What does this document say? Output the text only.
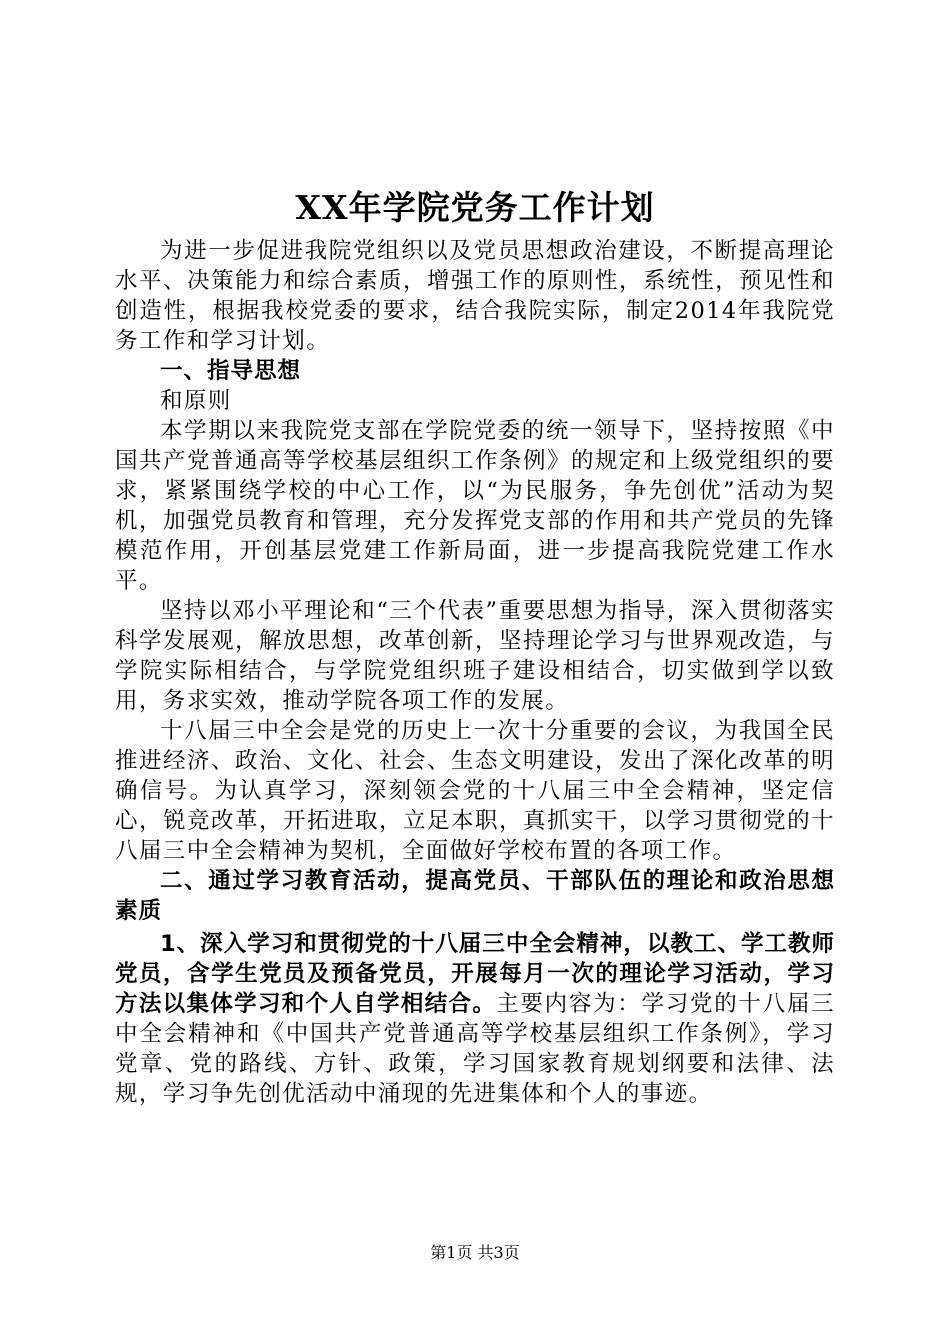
XX年学院党务工作计划

为进一步促进我院党组织以及党员思想政治建设，不断提高理论水平、决策能力和综合素质，增强工作的原则性，系统性，预见性和创造性，根据我校党委的要求，结合我院实际，制定2014年我院党务工作和学习计划。

一、指导思想

和原则

本学期以来我院党支部在学院党委的统一领导下，坚持按照《中国共产党普通高等学校基层组织工作条例》的规定和上级党组织的要求，紧紧围绕学校的中心工作，以“为民服务，争先创优”活动为契机，加强党员教育和管理，充分发挥党支部的作用和共产党员的先锋模范作用，开创基层党建工作新局面，进一步提高我院党建工作水平。

坚持以邓小平理论和“三个代表”重要思想为指导，深入贯彻落实科学发展观，解放思想，改革创新，坚持理论学习与世界观改造，与学院实际相结合，与学院党组织班子建设相结合，切实做到学以致用，务求实效，推动学院各项工作的发展。

十八届三中全会是党的历史上一次十分重要的会议，为我国全民推进经济、政治、文化、社会、生态文明建设，发出了深化改革的明确信号。为认真学习，深刻领会党的十八届三中全会精神，坚定信心，锐竞改革，开拓进取，立足本职，真抓实干，以学习贯彻党的十八届三中全会精神为契机，全面做好学校布置的各项工作。

二、通过学习教育活动，提高党员、干部队伍的理论和政治思想素质

1、深入学习和贯彻党的十八届三中全会精神，以教工、学工教师党员，含学生党员及预备党员，开展每月一次的理论学习活动，学习方法以集体学习和个人自学相结合。主要内容为：学习党的十八届三中全会精神和《中国共产党普通高等学校基层组织工作条例》，学习党章、党的路线、方针、政策，学习国家教育规划纲要和法律、法规，学习争先创优活动中涌现的先进集体和个人的事迹。

第1页 共3页
